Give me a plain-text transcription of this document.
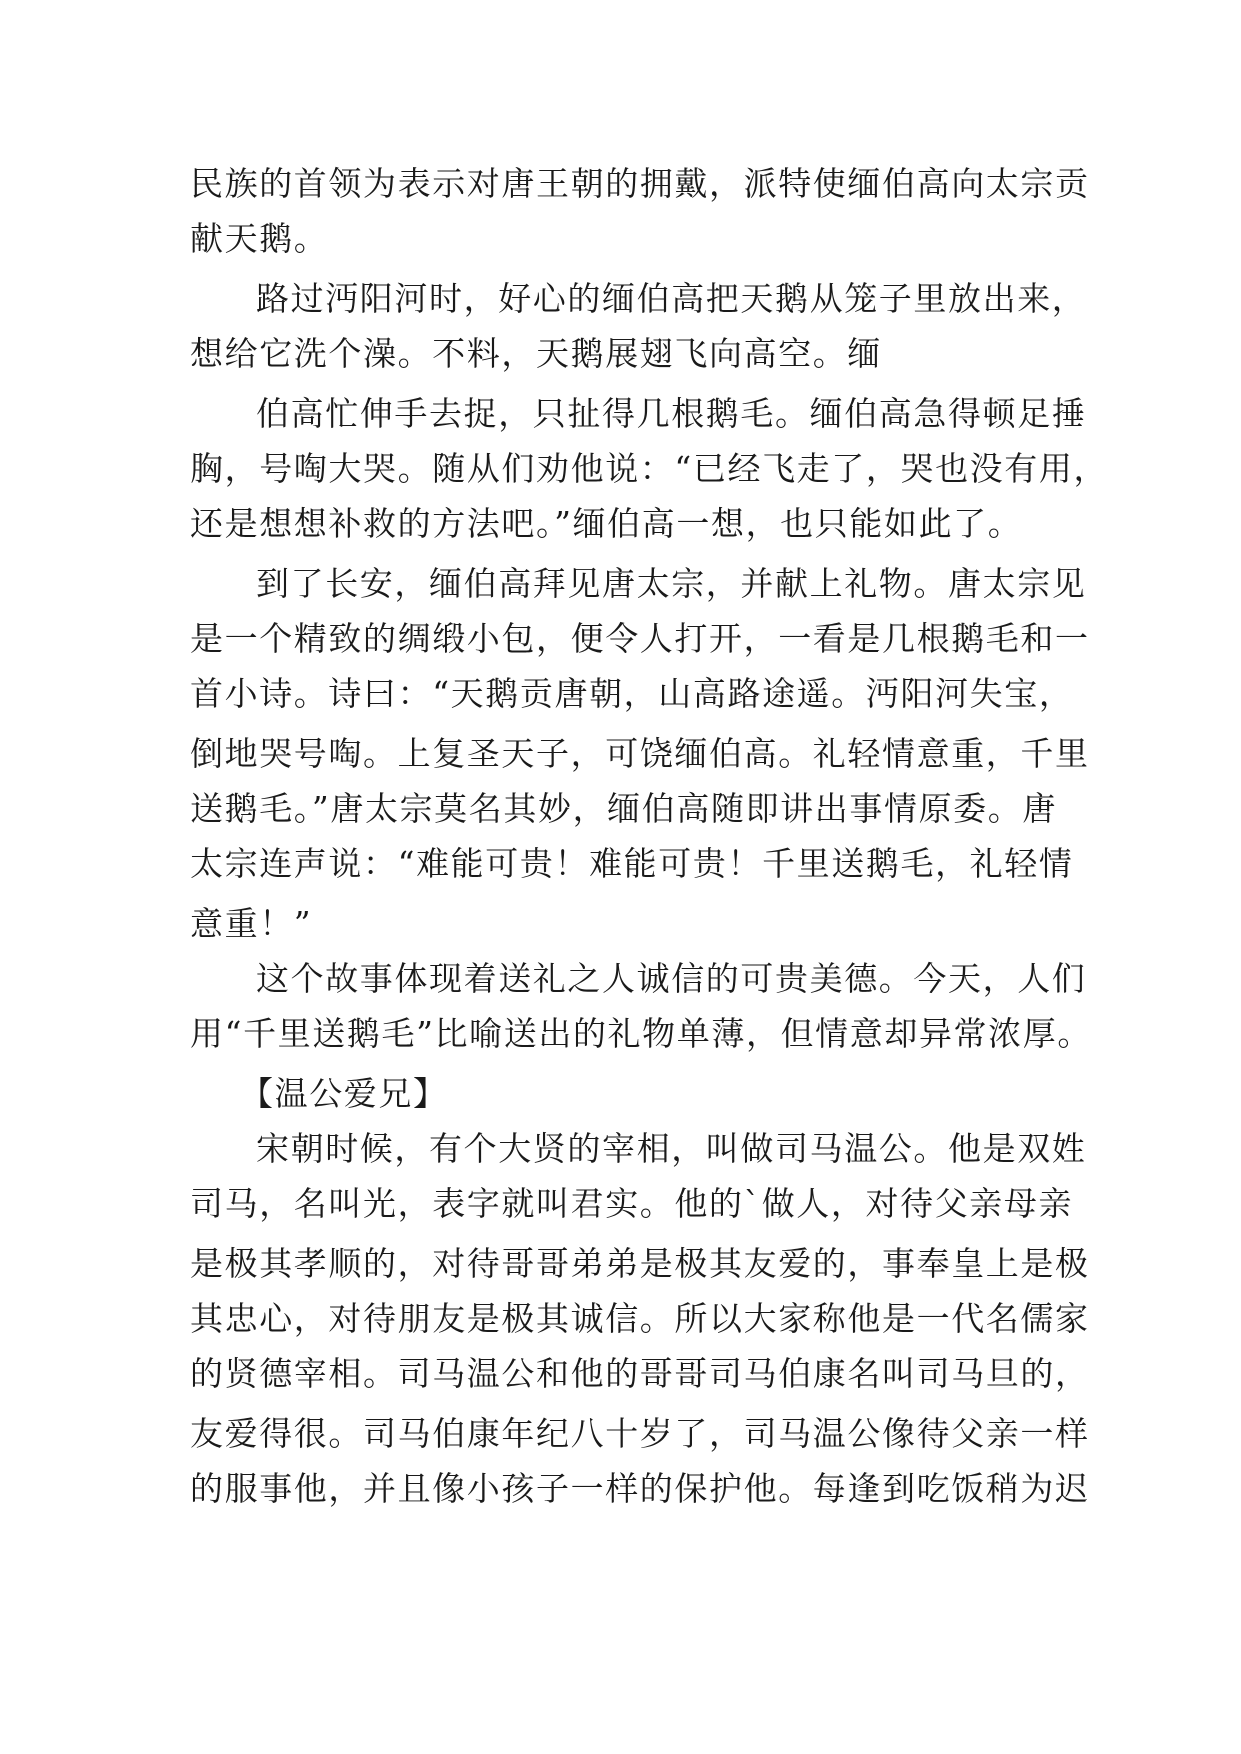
民族的首领为表示对唐王朝的拥戴，派特使缅伯高向太宗贡
献天鹅。
路过沔阳河时，好心的缅伯高把天鹅从笼子里放出来，
想给它洗个澡。不料，天鹅展翅飞向高空。缅
伯高忙伸手去捉，只扯得几根鹅毛。缅伯高急得顿足捶
胸，号啕大哭。随从们劝他说：“已经飞走了，哭也没有用，
还是想想补救的方法吧。”缅伯高一想，也只能如此了。
到了长安，缅伯高拜见唐太宗，并献上礼物。唐太宗见
是一个精致的绸缎小包，便令人打开，一看是几根鹅毛和一
首小诗。诗曰：“天鹅贡唐朝，山高路途遥。沔阳河失宝，
倒地哭号啕。上复圣天子，可饶缅伯高。礼轻情意重，千里
送鹅毛。”唐太宗莫名其妙，缅伯高随即讲出事情原委。唐
太宗连声说：“难能可贵！难能可贵！千里送鹅毛，礼轻情
意重！”
这个故事体现着送礼之人诚信的可贵美德。今天，人们
用“千里送鹅毛”比喻送出的礼物单薄，但情意却异常浓厚。
【温公爱兄】
宋朝时候，有个大贤的宰相，叫做司马温公。他是双姓
司马，名叫光，表字就叫君实。他的`做人，对待父亲母亲
是极其孝顺的，对待哥哥弟弟是极其友爱的，事奉皇上是极
其忠心，对待朋友是极其诚信。所以大家称他是一代名儒家
的贤德宰相。司马温公和他的哥哥司马伯康名叫司马旦的，
友爱得很。司马伯康年纪八十岁了，司马温公像待父亲一样
的服事他，并且像小孩子一样的保护他。每逢到吃饭稍为迟
